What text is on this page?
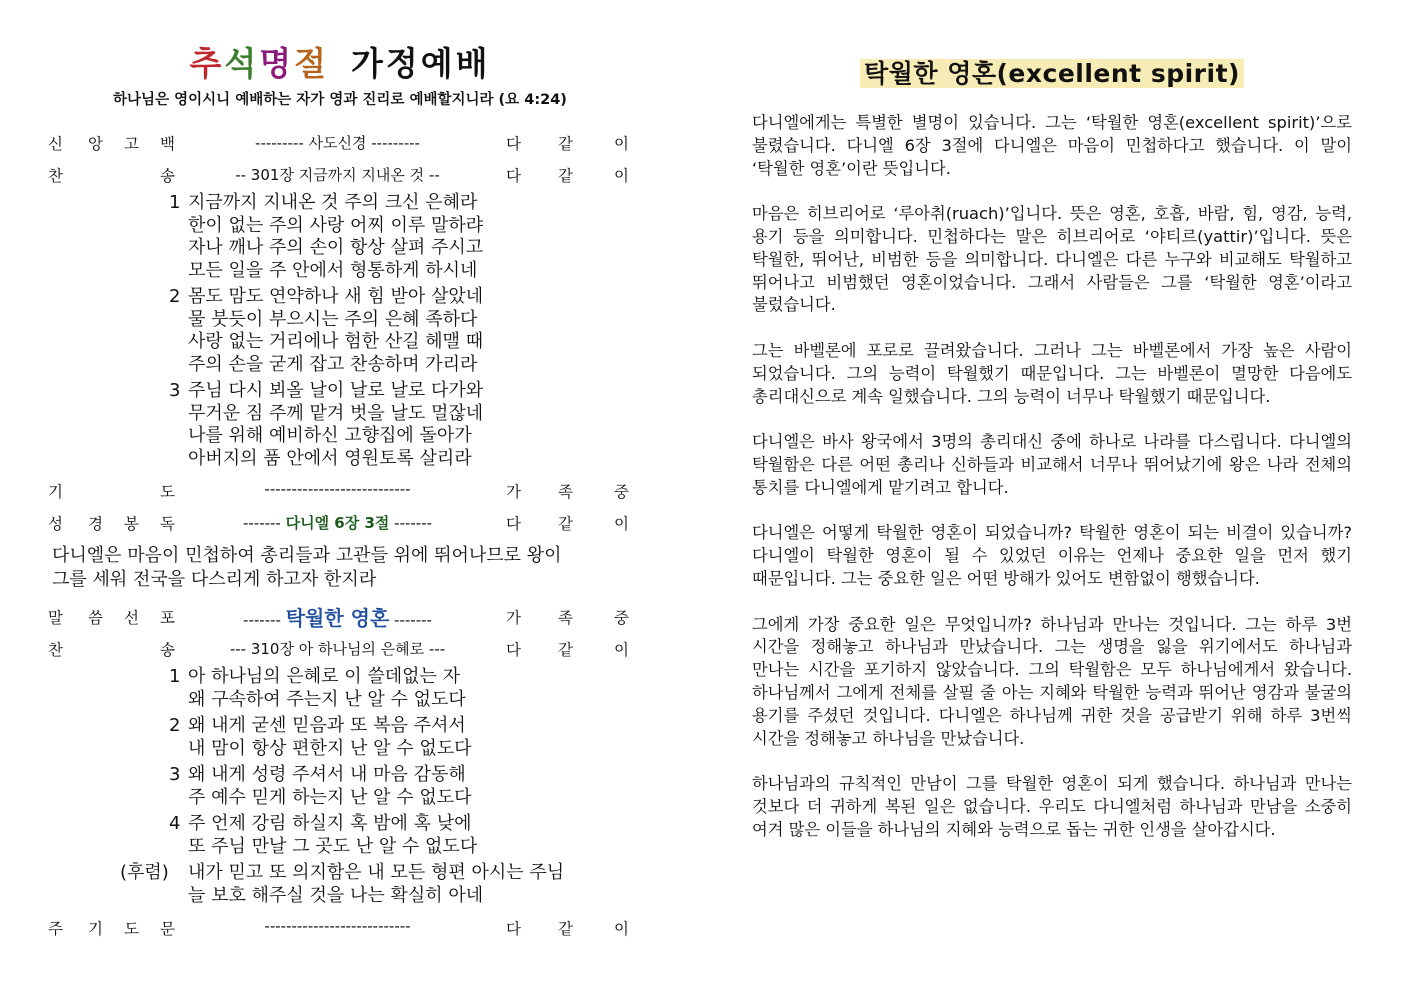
추석명절 가정예배
하나님은 영이시니 예배하는 자가 영과 진리로 예배할지니라 (요 4:24)
신 앙 고 백	--------- 사도신경 ---------	다 같	이
찬	송	-- 301장 지금까지 지내온 것 --	다 같	이
1 지금까지 지내온 것 주의 크신 은혜라
한이 없는 주의 사랑 어찌 이루 말하랴
자나 깨나 주의 손이 항상 살펴 주시고
모든 일을 주 안에서 형통하게 하시네
2 몸도 맘도 연약하나 새 힘 받아 살았네
물 붓듯이 부으시는 주의 은혜 족하다
사랑 없는 거리에나 험한 산길 헤맬 때
주의 손을 굳게 잡고 찬송하며 가리라
3 주님 다시 뵈올 날이 날로 날로 다가와
무거운 짐 주께 맡겨 벗을 날도 멀잖네
나를 위해 예비하신 고향집에 돌아가
아버지의 품 안에서 영원토록 살리라
기	도	---------------------------	가 족	중
성 경 봉 독	------- 다니엘 6장 3절 -------	다 같	이
다니엘은 마음이 민첩하여 총리들과 고관들 위에 뛰어나므로 왕이
그를 세워 전국을 다스리게 하고자 한지라
말 씀 선 포	------- 탁월한 영혼 -------	가 족	중
찬	송	--- 310장 아 하나님의 은혜로 ---	다 같	이
1 아 하나님의 은혜로 이 쓸데없는 자
왜 구속하여 주는지 난 알 수 없도다
2 왜 내게 굳센 믿음과 또 복음 주셔서
내 맘이 항상 편한지 난 알 수 없도다
3 왜 내게 성령 주셔서 내 마음 감동해
주 예수 믿게 하는지 난 알 수 없도다
4 주 언제 강림 하실지 혹 밤에 혹 낮에
또 주님 만날 그 곳도 난 알 수 없도다
(후렴)	내가 믿고 또 의지함은 내 모든 형편 아시는 주님
늘 보호 해주실 것을 나는 확실히 아네
주 기 도 문	---------------------------	다 같	이
탁월한 영혼(excellent spirit)

다니엘에게는 특별한 별명이 있습니다. 그는 ‘탁월한 영혼(excellent spirit)’으로 불렸습니다. 다니엘 6장 3절에 다니엘은 마음이 민첩하다고 했습니다. 이 말이 ‘탁월한 영혼’이란 뜻입니다.

마음은 히브리어로 ‘루아취(ruach)’입니다. 뜻은 영혼, 호흡, 바람, 힘, 영감, 능력, 용기 등을 의미합니다. 민첩하다는 말은 히브리어로 ‘야티르(yattir)’입니다. 뜻은 탁월한, 뛰어난, 비범한 등을 의미합니다. 다니엘은 다른 누구와 비교해도 탁월하고 뛰어나고 비범했던 영혼이었습니다. 그래서 사람들은 그를 ‘탁월한 영혼’이라고 불렀습니다.

그는 바벨론에 포로로 끌려왔습니다. 그러나 그는 바벨론에서 가장 높은 사람이 되었습니다. 그의 능력이 탁월했기 때문입니다. 그는 바벨론이 멸망한 다음에도 총리대신으로 계속 일했습니다. 그의 능력이 너무나 탁월했기 때문입니다.

다니엘은 바사 왕국에서 3명의 총리대신 중에 하나로 나라를 다스립니다. 다니엘의 탁월함은 다른 어떤 총리나 신하들과 비교해서 너무나 뛰어났기에 왕은 나라 전체의 통치를 다니엘에게 맡기려고 합니다.

다니엘은 어떻게 탁월한 영혼이 되었습니까? 탁월한 영혼이 되는 비결이 있습니까? 다니엘이 탁월한 영혼이 될 수 있었던 이유는 언제나 중요한 일을 먼저 했기 때문입니다. 그는 중요한 일은 어떤 방해가 있어도 변함없이 행했습니다.

그에게 가장 중요한 일은 무엇입니까? 하나님과 만나는 것입니다. 그는 하루 3번 시간을 정해놓고 하나님과 만났습니다. 그는 생명을 잃을 위기에서도 하나님과 만나는 시간을 포기하지 않았습니다. 그의 탁월함은 모두 하나님에게서 왔습니다. 하나님께서 그에게 전체를 살필 줄 아는 지혜와 탁월한 능력과 뛰어난 영감과 불굴의 용기를 주셨던 것입니다. 다니엘은 하나님께 귀한 것을 공급받기 위해 하루 3번씩 시간을 정해놓고 하나님을 만났습니다.

하나님과의 규칙적인 만남이 그를 탁월한 영혼이 되게 했습니다. 하나님과 만나는 것보다 더 귀하게 복된 일은 없습니다. 우리도 다니엘처럼 하나님과 만남을 소중히 여겨 많은 이들을 하나님의 지혜와 능력으로 돕는 귀한 인생을 살아갑시다.
